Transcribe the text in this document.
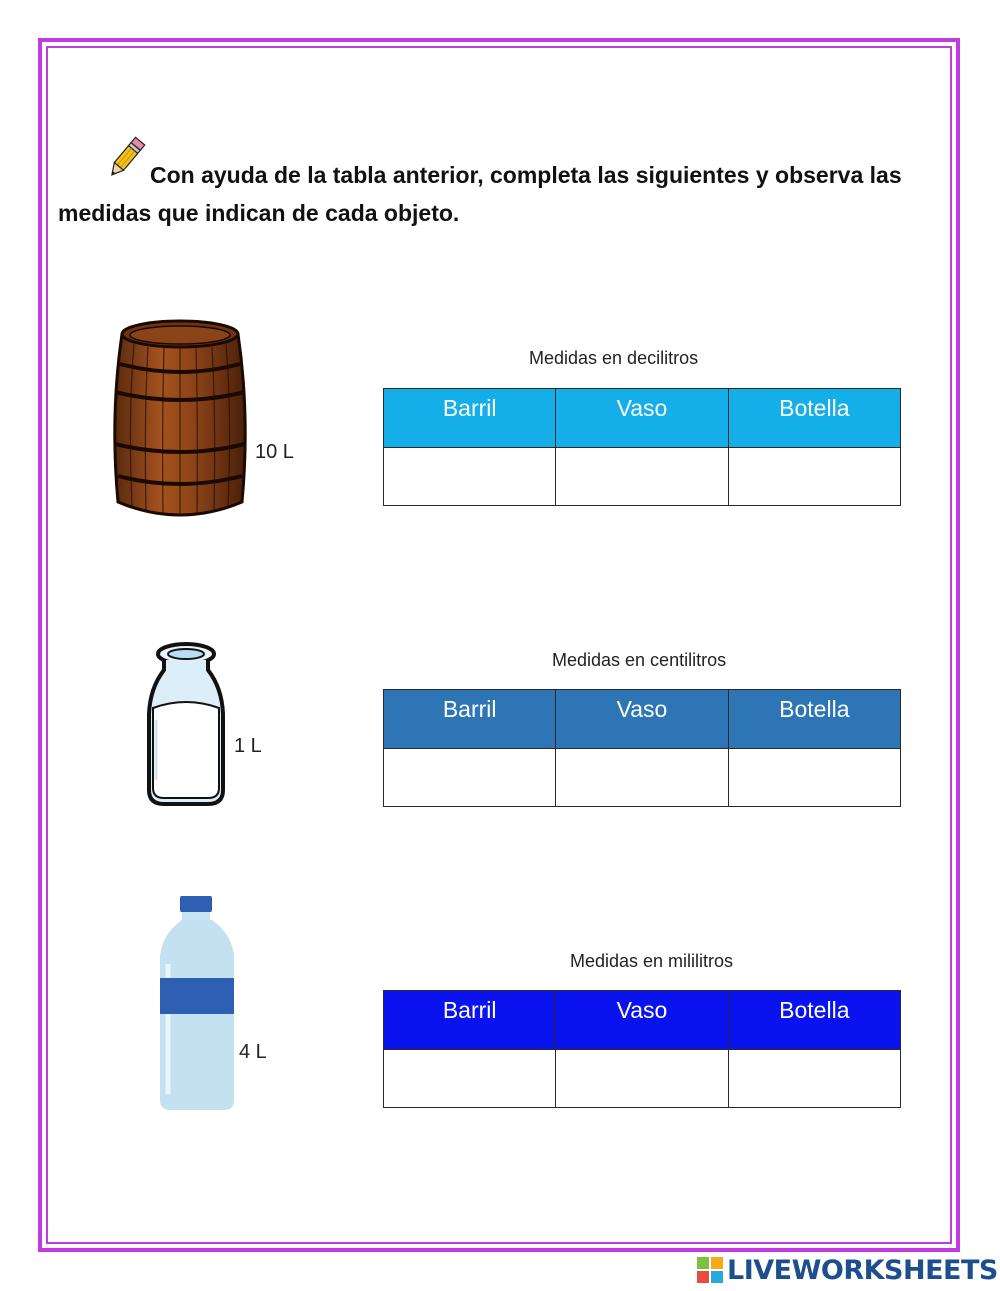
Con ayuda de la tabla anterior, completa las siguientes y observa las medidas que indican de cada objeto.
10 L
1 L
4 L
Medidas en decilitros
Barril	Vaso	Botella

Medidas en centilitros
Barril	Vaso	Botella

Medidas en mililitros
Barril	Vaso	Botella

LIVEWORKSHEETS
